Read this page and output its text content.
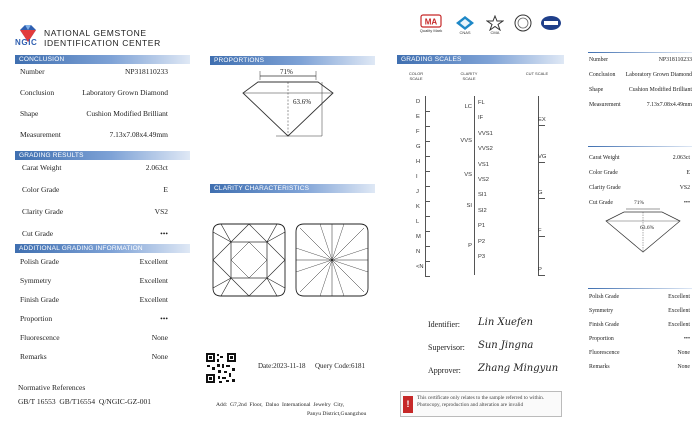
NGIC
NATIONAL GEMSTONE
IDENTIFICATION CENTER
MA
Quality Mark	CNAS	CMA
CONCLUSION
Number	NP318110233
Conclusion	Laboratory Grown Diamond
Shape	Cushion Modified Brilliant
Measurement	7.13x7.08x4.49mm
GRADING RESULTS
Carat Weight	2.063ct
Color Grade	E
Clarity Grade	VS2
Cut Grade	•••
ADDITIONAL GRADING INFORMATION
Polish Grade	Excellent
Symmetry	Excellent
Finish Grade	Excellent
Proportion	•••
Fluorescence	None
Remarks	None
Normative References
GB/T 16553  GB/T16554  Q/NGIC-GZ-001
PROPORTIONS
71%
63.6%
CLARITY CHARACTERISTICS
Date:2023-11-18 Query Code:6181
Add:  G7,2nd  Floor,  Daluo  International  Jewelry  City,
Panyu District,Guangzhou
GRADING SCALES
COLOR SCALE
CLARITY SCALE
CUT SCALE
D
E
F
G
H
I
J
K
L
M
N
<N
FL
IF
VVS1
VVS2
VS1
VS2
SI1
SI2
P1
P2
P3
LC
VVS
VS
SI
P
EX
VG
G
F
P
Identifier: Lin Xuefen
Supervisor: Sun Jingna
Approver: Zhang Mingyun
!
This certificate only relates to the sample referred to within. Photocopy, reproduction and alteration are invalid
Number	NP318110233
Conclusion Laboratory Grown Diamond
Shape	Cushion Modified Brilliant
Measurement	7.13x7.08x4.49mm
Carat Weight	2.063ct
Color Grade	E
Clarity Grade	VS2
Cut Grade	•••
71%
63.6%
Polish Grade	Excellent
Symmetry	Excellent
Finish Grade	Excellent
Proportion	•••
Fluorescence	None
Remarks	None
